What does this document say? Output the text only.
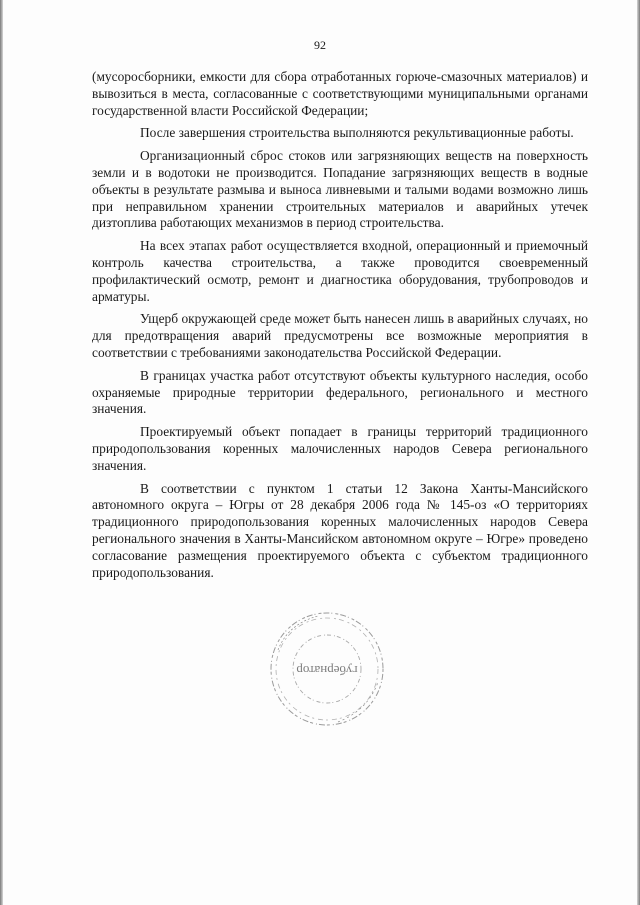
92

(мусоросборники, емкости для сбора отработанных горюче-смазочных материалов) и вывозиться в места, согласованные с соответствующими муниципальными органами государственной власти Российской Федерации;

После завершения строительства выполняются рекультивационные работы.

Организационный сброс стоков или загрязняющих веществ на поверхность земли и в водотоки не производится. Попадание загрязняющих веществ в водные объекты в результате размыва и выноса ливневыми и талыми водами возможно лишь при неправильном хранении строительных материалов и аварийных утечек дизтоплива работающих механизмов в период строительства.

На всех этапах работ осуществляется входной, операционный и приемочный контроль качества строительства, а также проводится своевременный профилактический осмотр, ремонт и диагностика оборудования, трубопроводов и арматуры.

Ущерб окружающей среде может быть нанесен лишь в аварийных случаях, но для предотвращения аварий предусмотрены все возможные мероприятия в соответствии с требованиями законодательства Российской Федерации.

В границах участка работ отсутствуют объекты культурного наследия, особо охраняемые природные территории федерального, регионального и местного значения.

Проектируемый объект попадает в границы территорий традиционного природопользования коренных малочисленных народов Севера регионального значения.

В соответствии с пунктом 1 статьи 12 Закона Ханты-Мансийского автономного округа – Югры от 28 декабря 2006 года № 145-оз «О территориях традиционного природопользования коренных малочисленных народов Севера регионального значения в Ханты-Мансийском автономном округе – Югре» проведено согласование размещения проектируемого объекта с субъектом традиционного природопользования.

губернатор
